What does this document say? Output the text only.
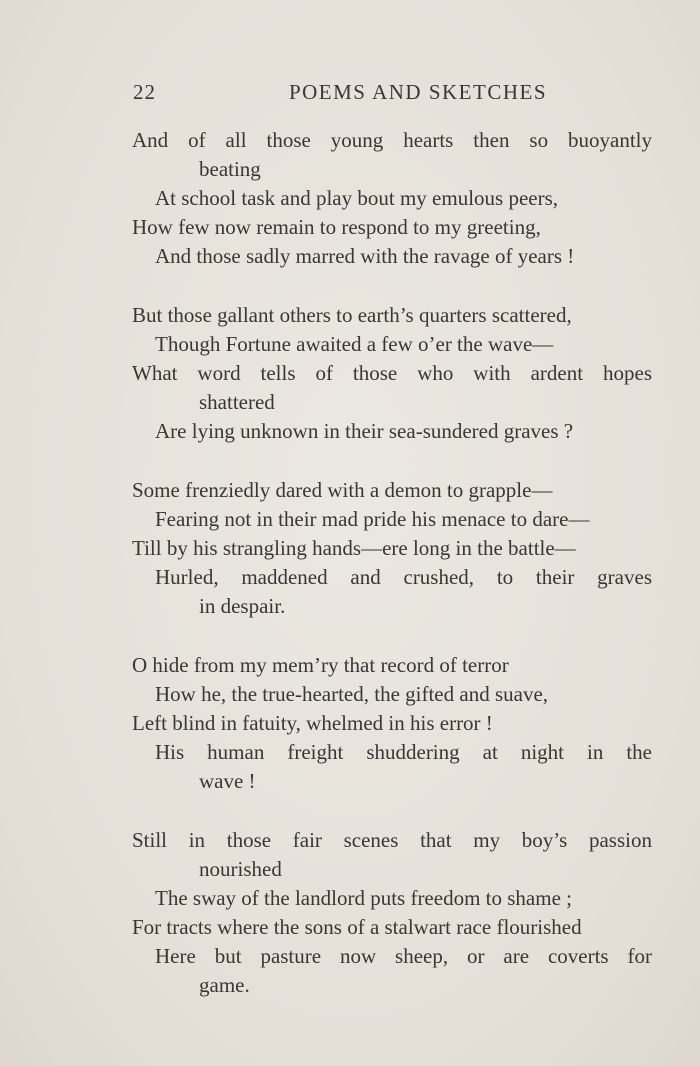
22	POEMS AND SKETCHES
And of all those young hearts then so buoyantly
beating
At school task and play bout my emulous peers,
How few now remain to respond to my greeting,
And those sadly marred with the ravage of years !
But those gallant others to earth’s quarters scattered,
Though Fortune awaited a few o’er the wave—
What word tells of those who with ardent hopes
shattered
Are lying unknown in their sea-sundered graves ?
Some frenziedly dared with a demon to grapple—
Fearing not in their mad pride his menace to dare—
Till by his strangling hands—ere long in the battle—
Hurled, maddened and crushed, to their graves
in despair.
O hide from my mem’ry that record of terror
How he, the true-hearted, the gifted and suave,
Left blind in fatuity, whelmed in his error !
His human freight shuddering at night in the
wave !
Still in those fair scenes that my boy’s passion
nourished
The sway of the landlord puts freedom to shame ;
For tracts where the sons of a stalwart race flourished
Here but pasture now sheep, or are coverts for
game.
